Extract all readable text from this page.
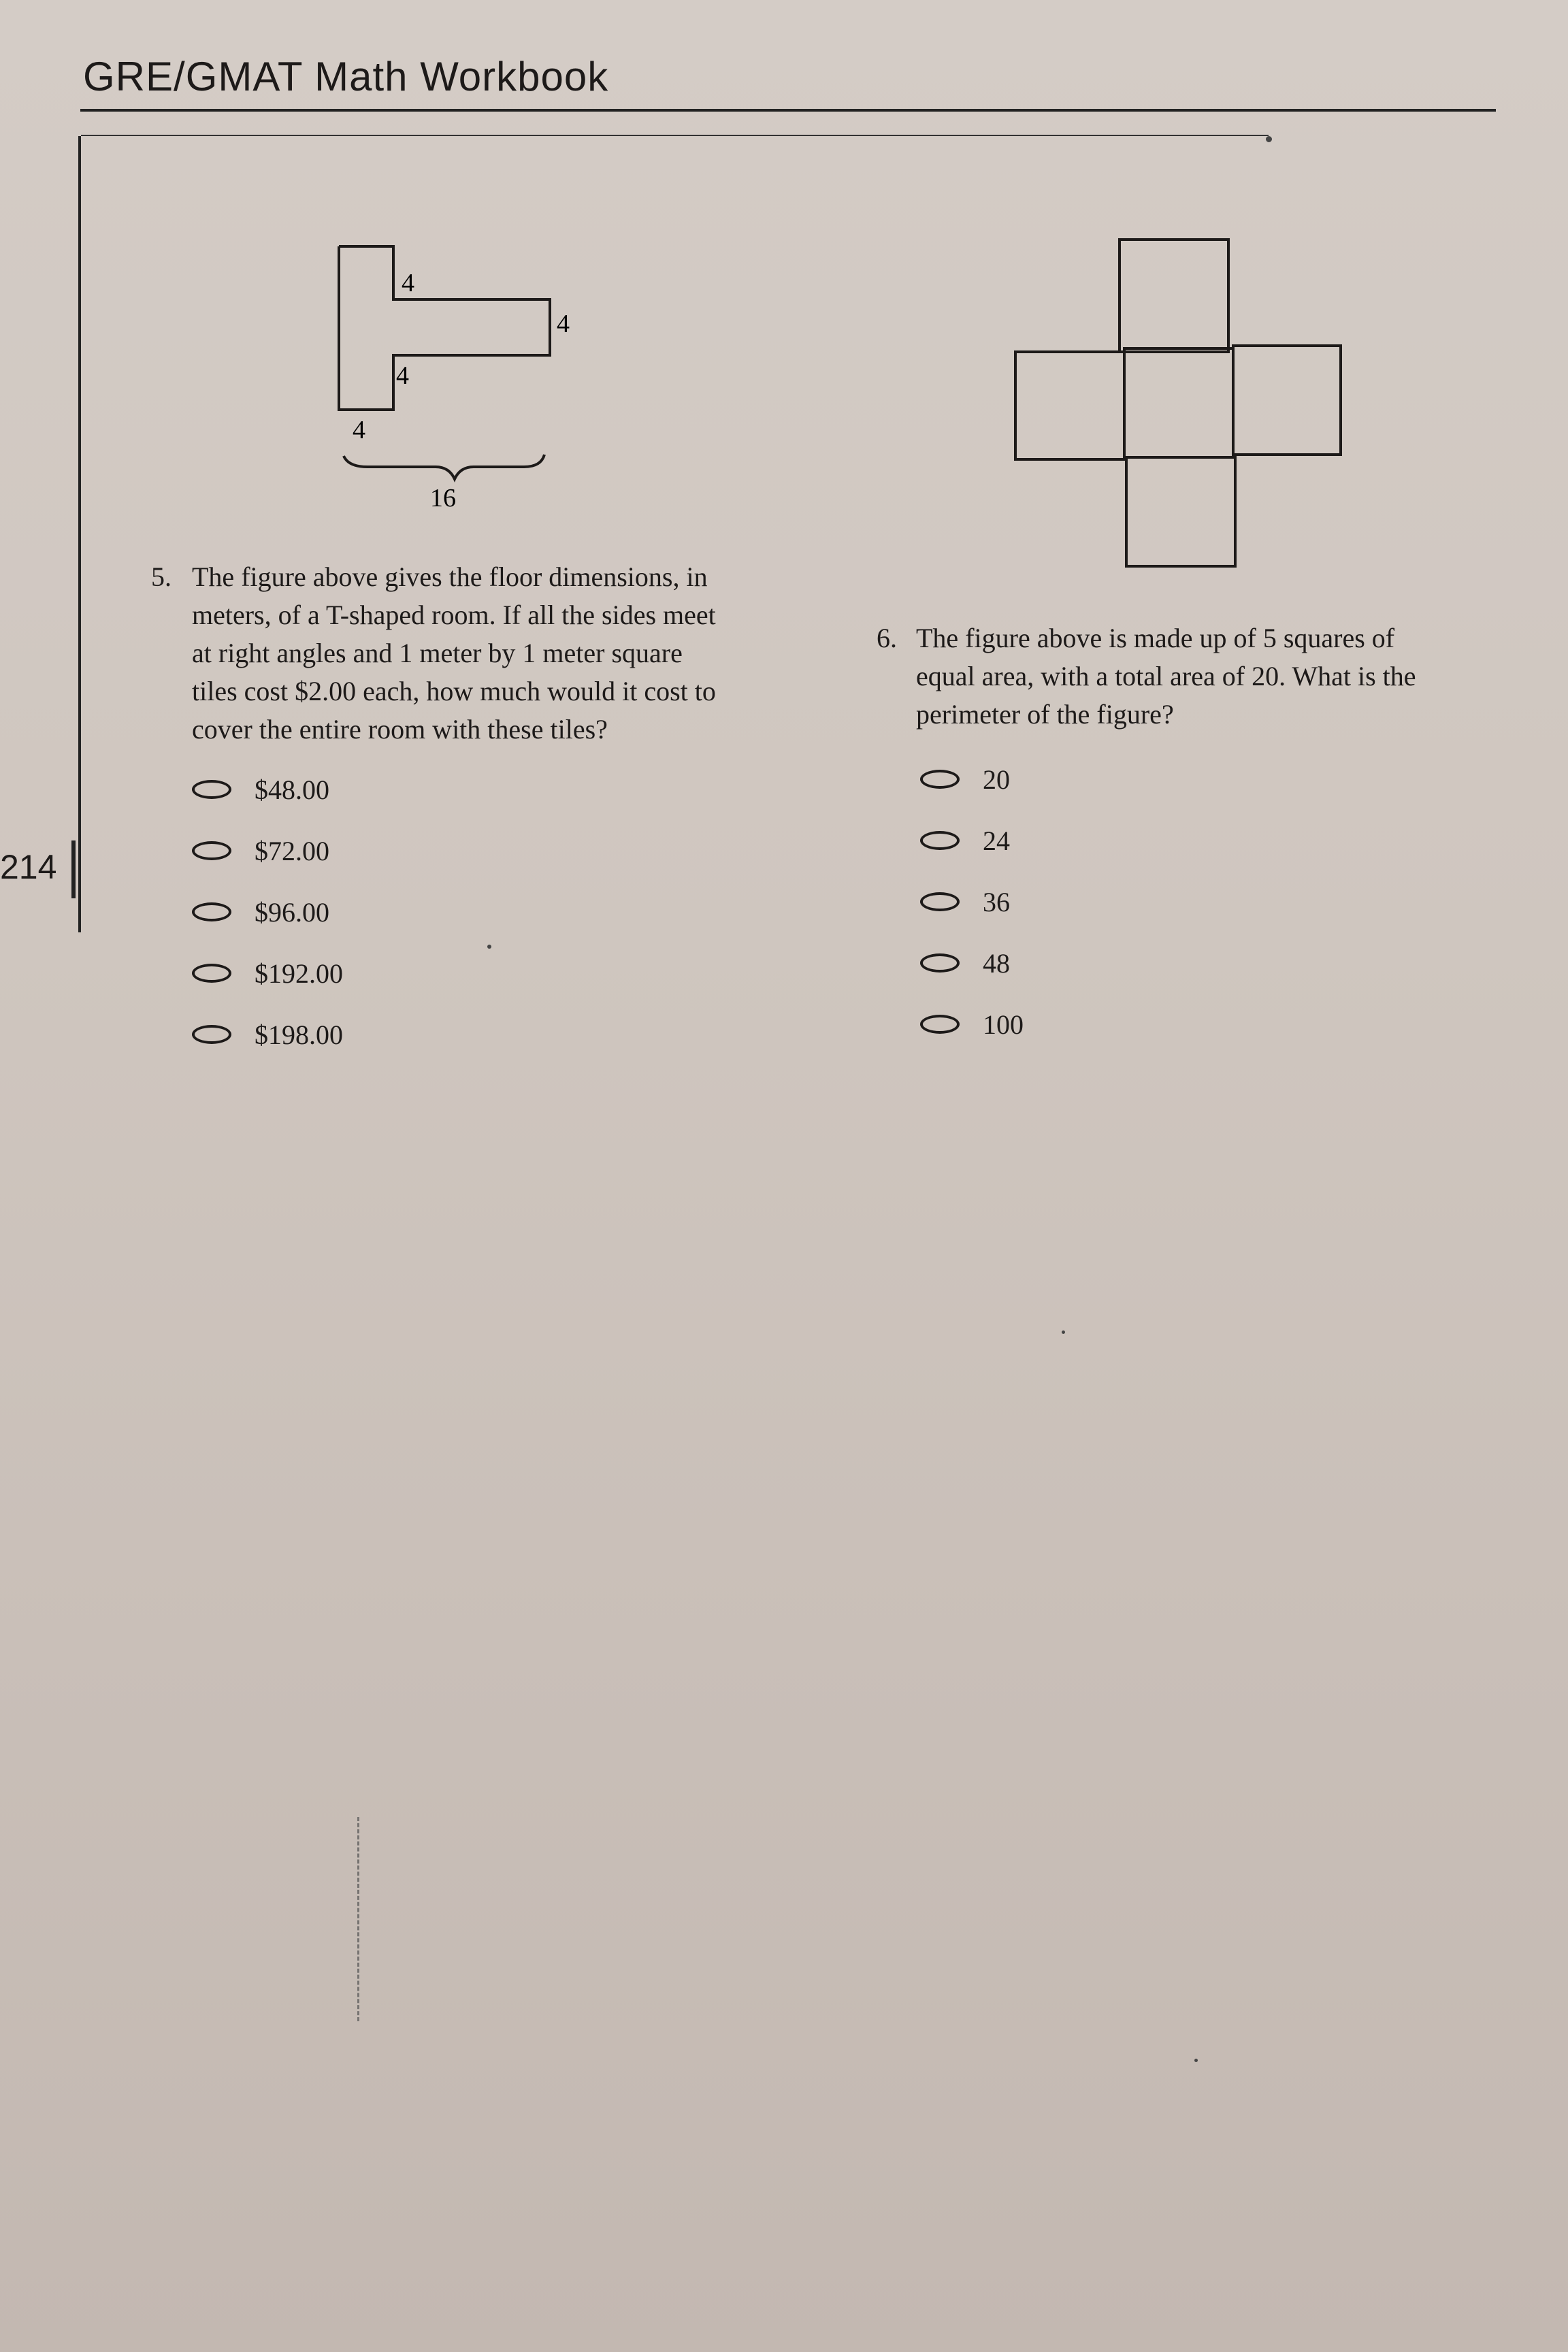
GRE/GMAT Math Workbook
214
4
4
4
4
16
5. The figure above gives the floor dimensions, in
meters, of a T-shaped room. If all the sides meet
at right angles and 1 meter by 1 meter square
tiles cost $2.00 each, how much would it cost to
cover the entire room with these tiles?
$48.00
$72.00
$96.00
$192.00
$198.00
6. The figure above is made up of 5 squares of
equal area, with a total area of 20. What is the
perimeter of the figure?
20
24
36
48
100
